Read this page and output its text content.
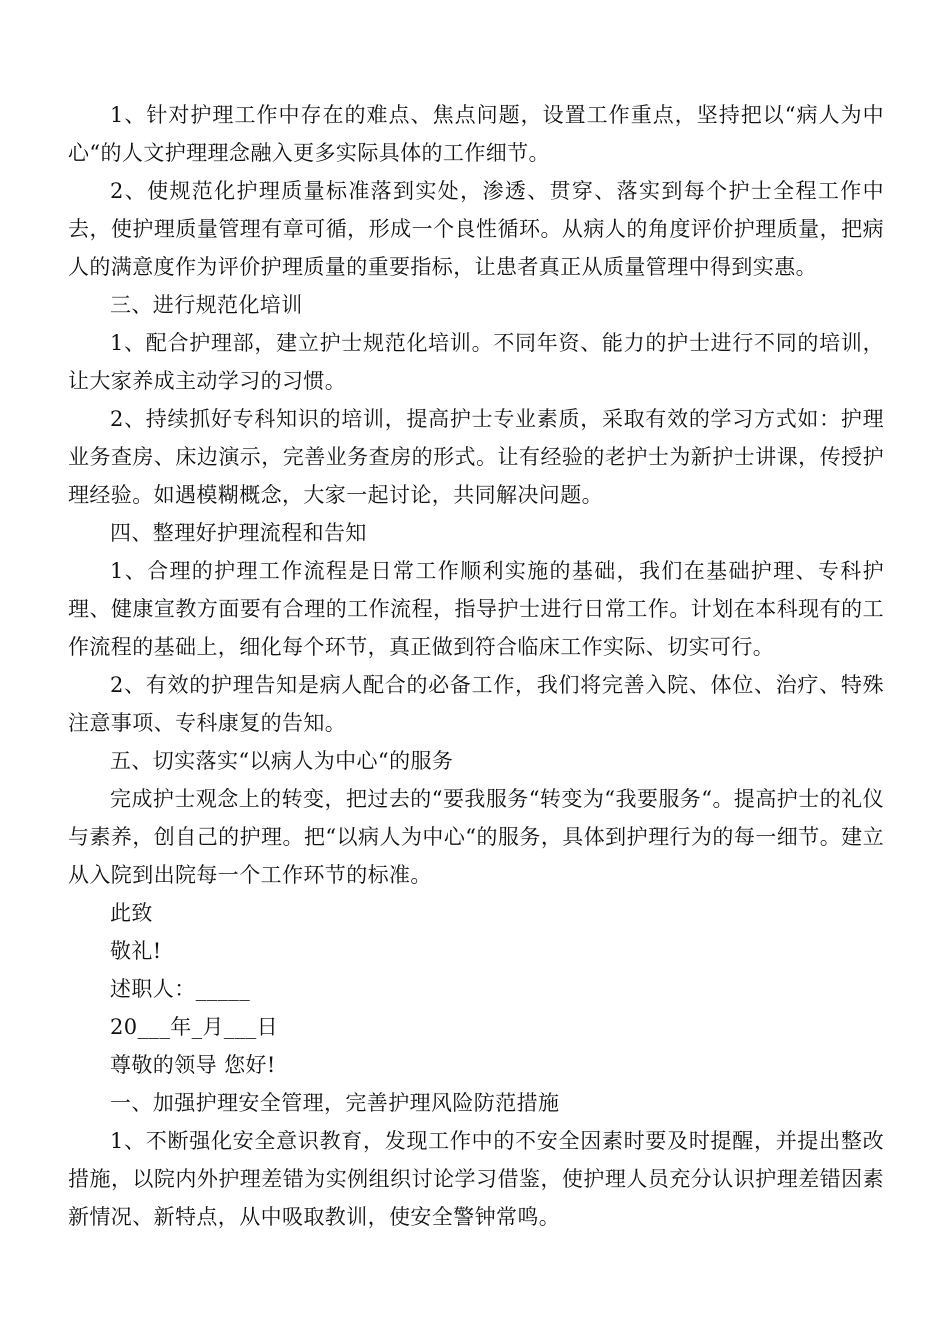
1、针对护理工作中存在的难点、焦点问题，设置工作重点，坚持把以“病人为中心“的人文护理理念融入更多实际具体的工作细节。

2、使规范化护理质量标准落到实处，渗透、贯穿、落实到每个护士全程工作中去，使护理质量管理有章可循，形成一个良性循环。从病人的角度评价护理质量，把病人的满意度作为评价护理质量的重要指标，让患者真正从质量管理中得到实惠。

三、进行规范化培训

1、配合护理部，建立护士规范化培训。不同年资、能力的护士进行不同的培训，让大家养成主动学习的习惯。

2、持续抓好专科知识的培训，提高护士专业素质，采取有效的学习方式如：护理业务查房、床边演示，完善业务查房的形式。让有经验的老护士为新护士讲课，传授护理经验。如遇模糊概念，大家一起讨论，共同解决问题。

四、整理好护理流程和告知

1、合理的护理工作流程是日常工作顺利实施的基础，我们在基础护理、专科护理、健康宣教方面要有合理的工作流程，指导护士进行日常工作。计划在本科现有的工作流程的基础上，细化每个环节，真正做到符合临床工作实际、切实可行。

2、有效的护理告知是病人配合的必备工作，我们将完善入院、体位、治疗、特殊注意事项、专科康复的告知。

五、切实落实“以病人为中心“的服务

完成护士观念上的转变，把过去的“要我服务“转变为“我要服务“。提高护士的礼仪与素养，创自己的护理。把“以病人为中心“的服务，具体到护理行为的每一细节。建立从入院到出院每一个工作环节的标准。

此致

敬礼!

述职人：_____

20___年_月___日

尊敬的领导 您好!

一、加强护理安全管理，完善护理风险防范措施

1、不断强化安全意识教育，发现工作中的不安全因素时要及时提醒，并提出整改措施，以院内外护理差错为实例组织讨论学习借鉴，使护理人员充分认识护理差错因素新情况、新特点，从中吸取教训，使安全警钟常鸣。
